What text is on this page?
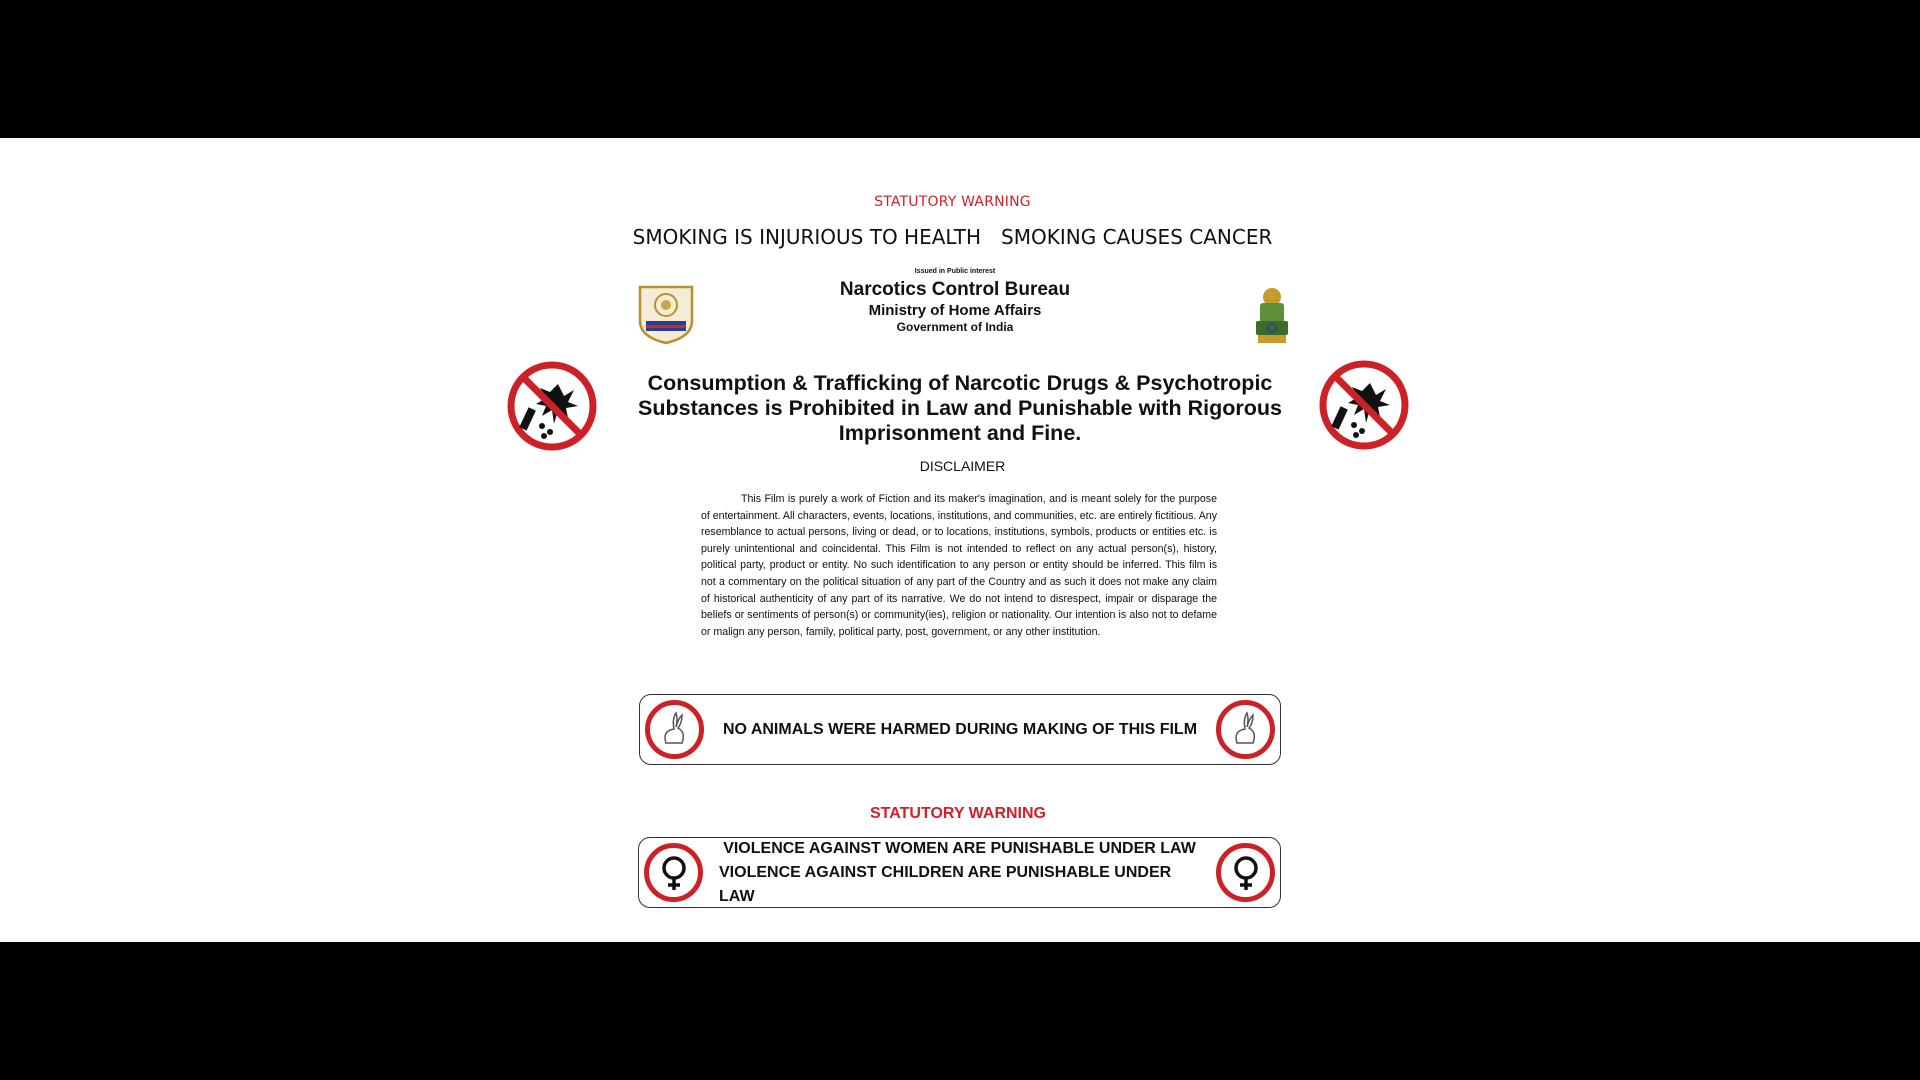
STATUTORY WARNING
SMOKING IS INJURIOUS TO HEALTH SMOKING CAUSES CANCER
Issued in Public interest
Narcotics Control Bureau
Ministry of Home Affairs
Government of India
Consumption & Trafficking of Narcotic Drugs & Psychotropic Substances is Prohibited in Law and Punishable with Rigorous Imprisonment and Fine.
DISCLAIMER
This Film is purely a work of Fiction and its maker's imagination, and is meant solely for the purpose of entertainment. All characters, events, locations, institutions, and communities, etc. are entirely fictitious. Any resemblance to actual persons, living or dead, or to locations, institutions, symbols, products or entities etc. is purely unintentional and coincidental. This Film is not intended to reflect on any actual person(s), history, political party, product or entity. No such identification to any person or entity should be inferred. This film is not a commentary on the political situation of any part of the Country and as such it does not make any claim of historical authenticity of any part of its narrative. We do not intend to disrespect, impair or disparage the beliefs or sentiments of person(s) or community(ies), religion or nationality. Our intention is also not to defame or malign any person, family, political party, post, government, or any other institution.
NO ANIMALS WERE HARMED DURING MAKING OF THIS FILM
STATUTORY WARNING
VIOLENCE AGAINST WOMEN ARE PUNISHABLE UNDER LAW
VIOLENCE AGAINST CHILDREN ARE PUNISHABLE UNDER LAW
